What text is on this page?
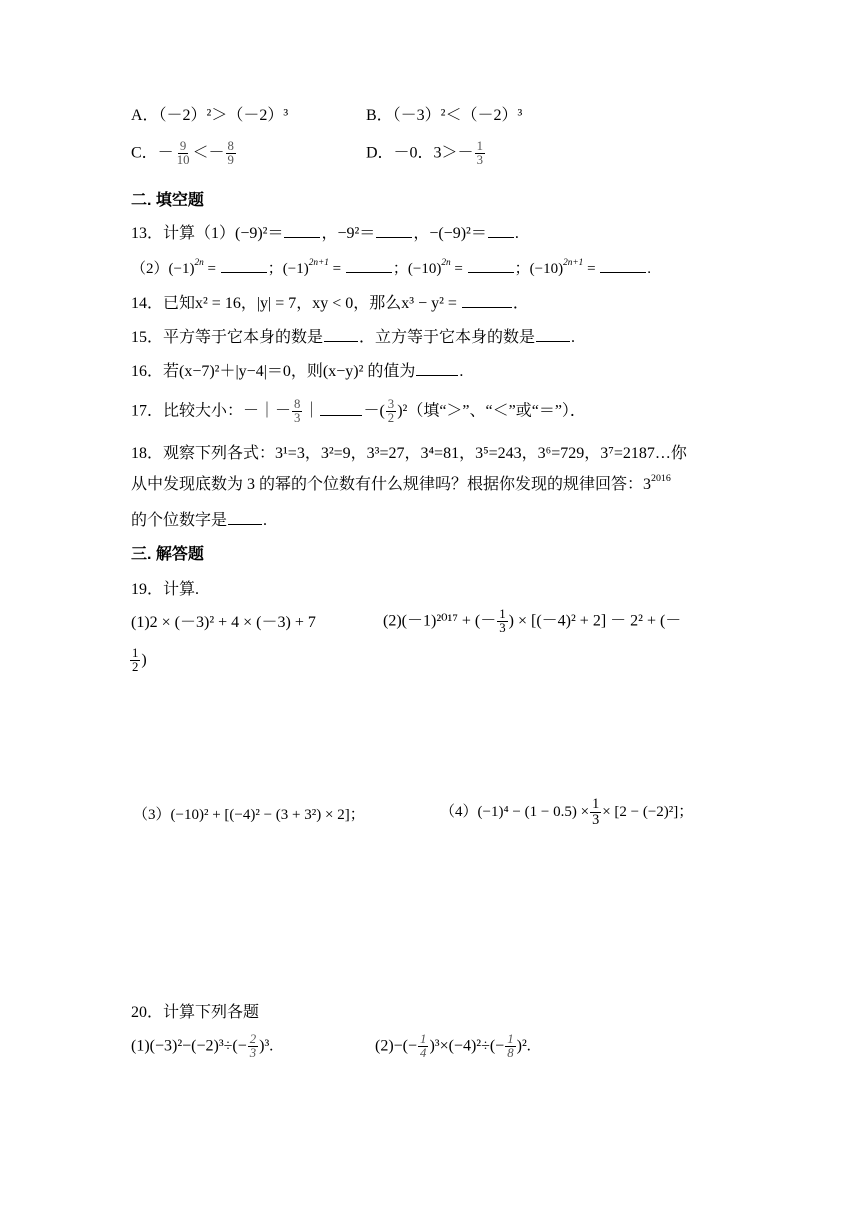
A．（－2）²＞（－2）³	B．（－3）²＜（－2）³
C．－ $\frac{9}{10} <- \frac{8}{9}$	D．－0．$3>- \frac{1}{3}$
二. 填空题
13．计算（1）(−9)²＝ ，−9²＝ ，−(−9)²＝ .
$(2)(-1)^{2n}$ =	；$(-1)^{2n+1}$ =	；$(-10)^{2n}$ =	；$(-10)^{2n+1}$ =	.
14．已知x² = 16，|y| = 7，xy < 0，那么x³ − y² =	．
15．平方等于它本身的数是 ．立方等于它本身的数是 .
16．若(x−7)²＋|y−4|＝0，则(x−y)² 的值为	.
17．比较大小：－｜－ $\frac{8}{3}$ ｜	－( $\frac{3}{2} )^2$（填“＞”、“＜”或“＝”）．
18．观察下列各式：3¹=3，3²=9，3³=27，3⁴=81，3⁵=243，3⁶=729，3⁷=2187…你
从中发现底数为 3 的幂的个位数有什么规律吗？根据你发现的规律回答：$3^{2016}$
的个位数字是 .
三. 解答题
19．计算.
(1)2 × (－3)² + 4 × (－3) + 7	(2)(－1)²⁰¹⁷ + (－ $\frac{1}{3}$ ) × [(－4)² + 2] － 2² + (－
$\frac{1}{2}$ )
（3）(−10)² + [(−4)² − (3 + 3²) × 2]；	$(4)(-1)^4 - (1 - 0.5) \times \frac{1}{3} \times [2 - (-2)^2]$；
20．计算下列各题
$(1)(-3)^2-(-2)^3\div(- \frac{2}{3} )^3$.	$(2)-(- \frac{1}{4} )^3\times(-4)^2\div(- \frac{1}{8} )^2$.
